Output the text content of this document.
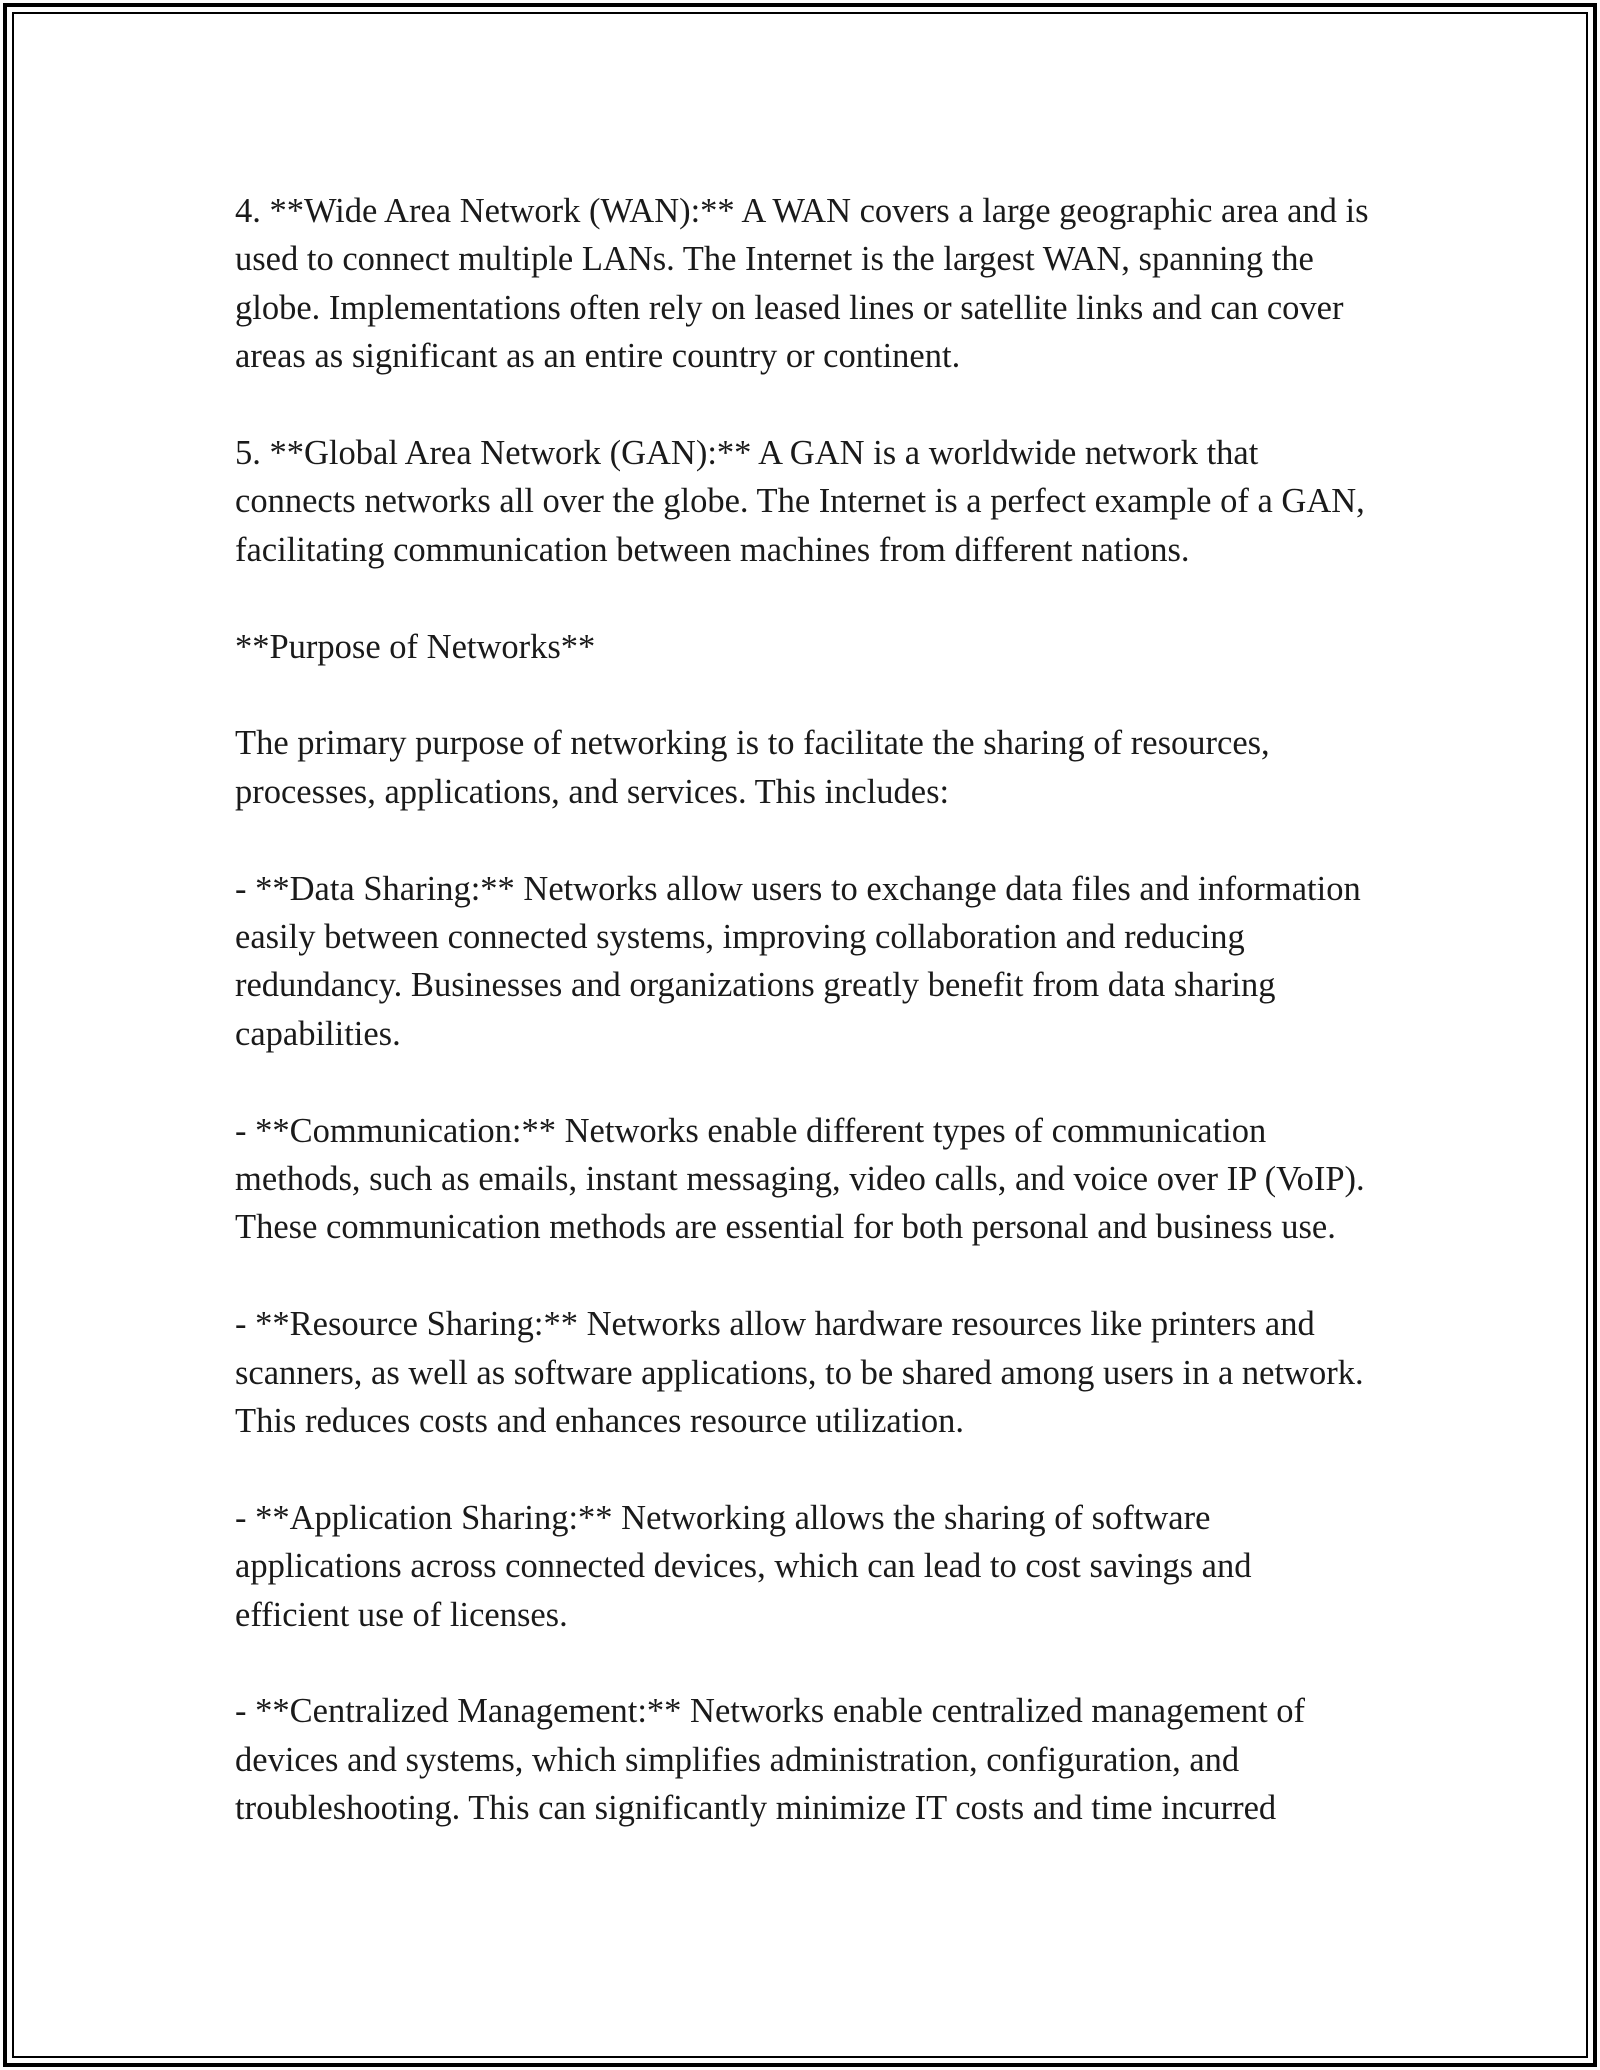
4. **Wide Area Network (WAN):** A WAN covers a large geographic area and is used to connect multiple LANs. The Internet is the largest WAN, spanning the globe. Implementations often rely on leased lines or satellite links and can cover areas as significant as an entire country or continent.

5. **Global Area Network (GAN):** A GAN is a worldwide network that connects networks all over the globe. The Internet is a perfect example of a GAN, facilitating communication between machines from different nations.

**Purpose of Networks**

The primary purpose of networking is to facilitate the sharing of resources, processes, applications, and services. This includes:

- **Data Sharing:** Networks allow users to exchange data files and information easily between connected systems, improving collaboration and reducing redundancy. Businesses and organizations greatly benefit from data sharing capabilities.

- **Communication:** Networks enable different types of communication methods, such as emails, instant messaging, video calls, and voice over IP (VoIP). These communication methods are essential for both personal and business use.

- **Resource Sharing:** Networks allow hardware resources like printers and scanners, as well as software applications, to be shared among users in a network. This reduces costs and enhances resource utilization.

- **Application Sharing:** Networking allows the sharing of software applications across connected devices, which can lead to cost savings and efficient use of licenses.

- **Centralized Management:** Networks enable centralized management of devices and systems, which simplifies administration, configuration, and troubleshooting. This can significantly minimize IT costs and time incurred
